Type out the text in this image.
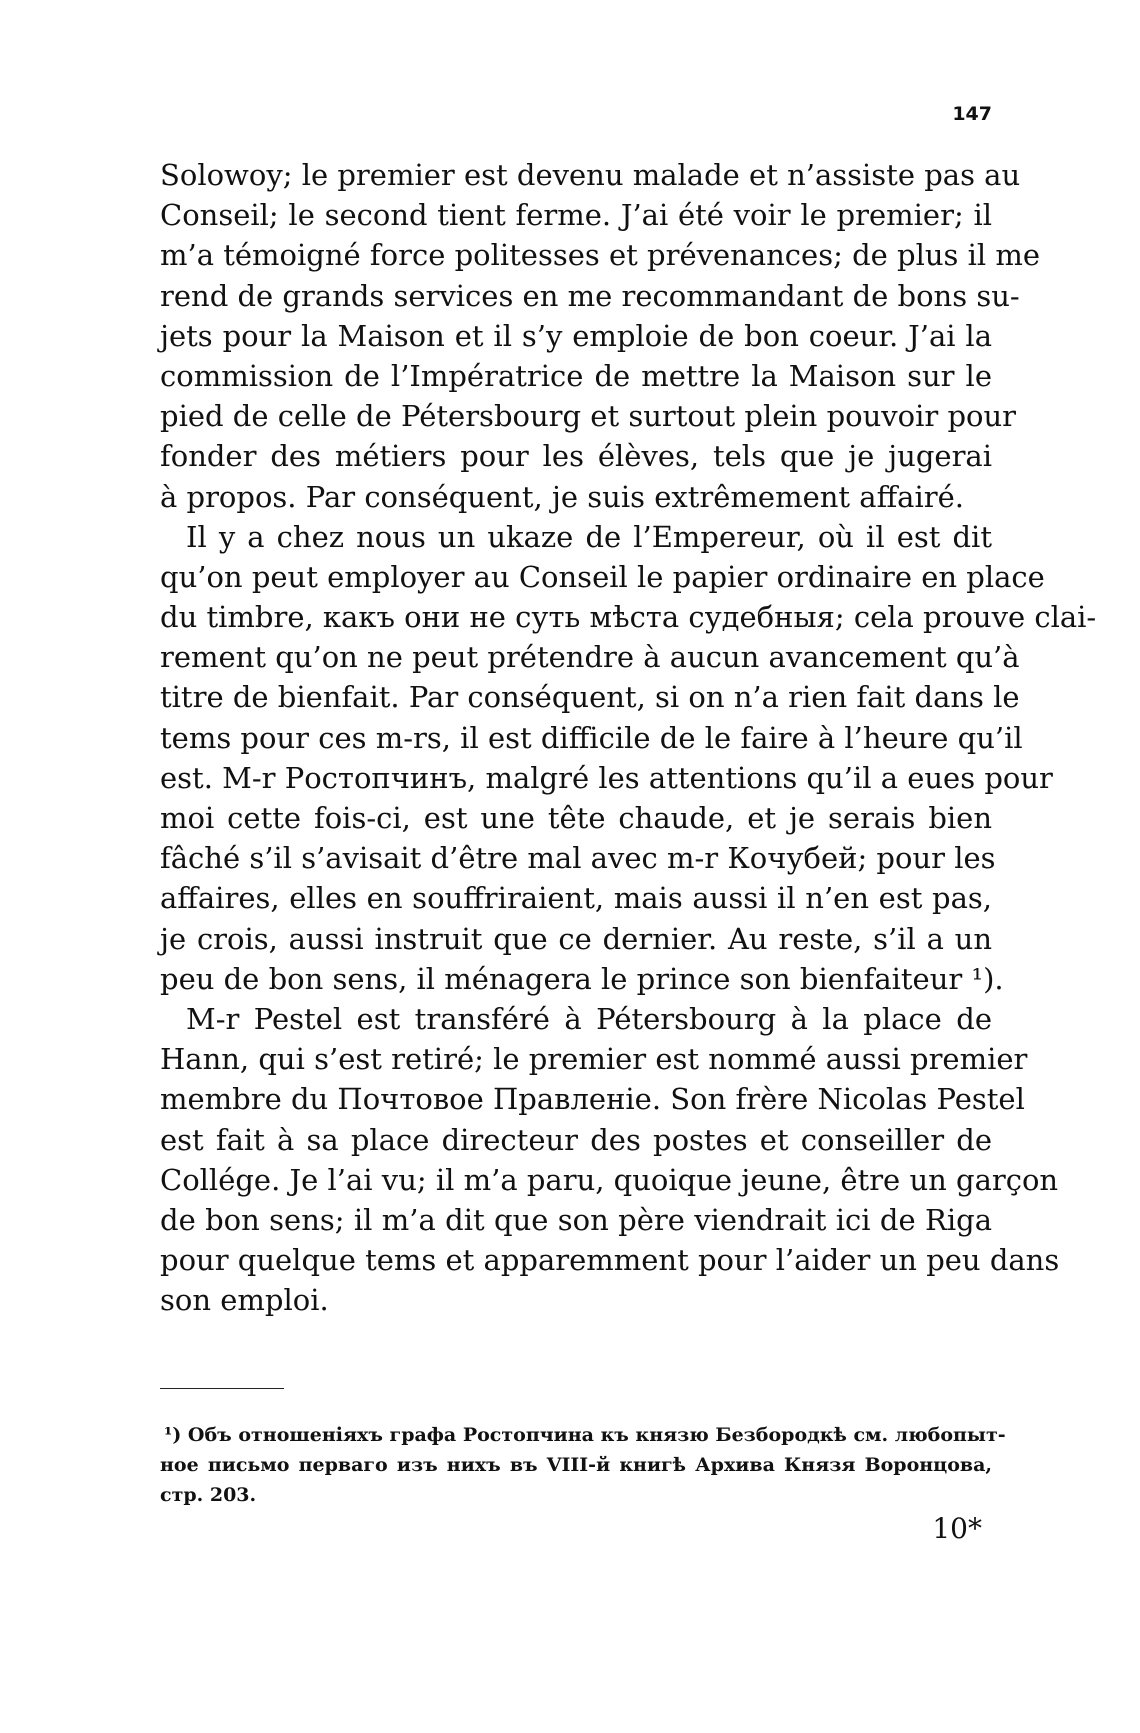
147
Solowoy; le premier est devenu malade et n’assiste pas au
Conseil; le second tient ferme. J’ai été voir le premier; il
m’a témoigné force politesses et prévenances; de plus il me
rend de grands services en me recommandant de bons su-
jets pour la Maison et il s’y emploie de bon coeur. J’ai la
commission de l’Impératrice de mettre la Maison sur le
pied de celle de Pétersbourg et surtout plein pouvoir pour
fonder des métiers pour les élèves, tels que je jugerai
à propos. Par conséquent, je suis extrêmement affairé.
Il y a chez nous un ukaze de l’Empereur, où il est dit
qu’on peut employer au Conseil le papier ordinaire en place
du timbre, какъ они не суть мѣста судебныя; cela prouve clai-
rement qu’on ne peut prétendre à aucun avancement qu’à
titre de bienfait. Par conséquent, si on n’a rien fait dans le
tems pour ces m-rs, il est difficile de le faire à l’heure qu’il
est. M-r Ростопчинъ, malgré les attentions qu’il a eues pour
moi cette fois-ci, est une tête chaude, et je serais bien
fâché s’il s’avisait d’être mal avec m-r Кочубей; pour les
affaires, elles en souffriraient, mais aussi il n’en est pas,
je crois, aussi instruit que ce dernier. Au reste, s’il a un
peu de bon sens, il ménagera le prince son bienfaiteur ¹).
M-r Pestel est transféré à Pétersbourg à la place de
Hann, qui s’est retiré; le premier est nommé aussi premier
membre du Почтовое Правленіе. Son frère Nicolas Pestel
est fait à sa place directeur des postes et conseiller de
Collége. Je l’ai vu; il m’a paru, quoique jeune, être un garçon
de bon sens; il m’a dit que son père viendrait ici de Riga
pour quelque tems et apparemment pour l’aider un peu dans
son emploi.
¹) Объ отношеніяхъ графа Ростопчина къ князю Безбородкѣ см. любопыт-
ное письмо перваго изъ нихъ въ VIII-й книгѣ Архива Князя Воронцова,
стр. 203.
10*
